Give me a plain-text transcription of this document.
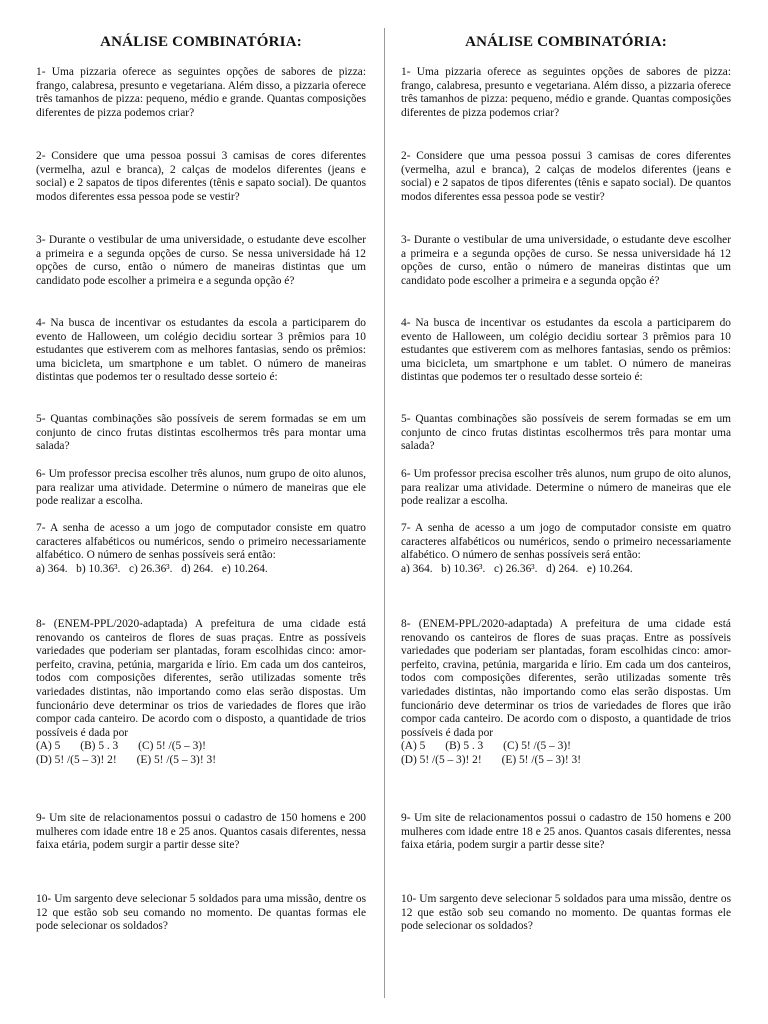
ANÁLISE COMBINATÓRIA:

1- Uma pizzaria oferece as seguintes opções de sabores de pizza: frango, calabresa, presunto e vegetariana. Além disso, a pizzaria oferece três tamanhos de pizza: pequeno, médio e grande. Quantas composições diferentes de pizza podemos criar?

2- Considere que uma pessoa possui 3 camisas de cores diferentes (vermelha, azul e branca), 2 calças de modelos diferentes (jeans e social) e 2 sapatos de tipos diferentes (tênis e sapato social). De quantos modos diferentes essa pessoa pode se vestir?

3- Durante o vestibular de uma universidade, o estudante deve escolher a primeira e a segunda opções de curso. Se nessa universidade há 12 opções de curso, então o número de maneiras distintas que um candidato pode escolher a primeira e a segunda opção é?

4- Na busca de incentivar os estudantes da escola a participarem do evento de Halloween, um colégio decidiu sortear 3 prêmios para 10 estudantes que estiverem com as melhores fantasias, sendo os prêmios: uma bicicleta, um smartphone e um tablet. O número de maneiras distintas que podemos ter o resultado desse sorteio é:

5- Quantas combinações são possíveis de serem formadas se em um conjunto de cinco frutas distintas escolhermos três para montar uma salada?

6- Um professor precisa escolher três alunos, num grupo de oito alunos, para realizar uma atividade. Determine o número de maneiras que ele pode realizar a escolha.

7- A senha de acesso a um jogo de computador consiste em quatro caracteres alfabéticos ou numéricos, sendo o primeiro necessariamente alfabético. O número de senhas possíveis será então:

a) 364.   b) 10.36³.   c) 26.36³.   d) 264.   e) 10.264.

8- (ENEM-PPL/2020-adaptada) A prefeitura de uma cidade está renovando os canteiros de flores de suas praças. Entre as possíveis variedades que poderiam ser plantadas, foram escolhidas cinco: amor-perfeito, cravina, petúnia, margarida e lírio. Em cada um dos canteiros, todos com composições diferentes, serão utilizadas somente três variedades distintas, não importando como elas serão dispostas. Um funcionário deve determinar os trios de variedades de flores que irão compor cada canteiro. De acordo com o disposto, a quantidade de trios possíveis é dada por

(A) 5       (B) 5 . 3       (C) 5! /(5 – 3)!

(D) 5! /(5 – 3)! 2!       (E) 5! /(5 – 3)! 3!

9- Um site de relacionamentos possui o cadastro de 150 homens e 200 mulheres com idade entre 18 e 25 anos. Quantos casais diferentes, nessa faixa etária, podem surgir a partir desse site?

10- Um sargento deve selecionar 5 soldados para uma missão, dentre os 12 que estão sob seu comando no momento. De quantas formas ele pode selecionar os soldados?

ANÁLISE COMBINATÓRIA:

1- Uma pizzaria oferece as seguintes opções de sabores de pizza: frango, calabresa, presunto e vegetariana. Além disso, a pizzaria oferece três tamanhos de pizza: pequeno, médio e grande. Quantas composições diferentes de pizza podemos criar?

2- Considere que uma pessoa possui 3 camisas de cores diferentes (vermelha, azul e branca), 2 calças de modelos diferentes (jeans e social) e 2 sapatos de tipos diferentes (tênis e sapato social). De quantos modos diferentes essa pessoa pode se vestir?

3- Durante o vestibular de uma universidade, o estudante deve escolher a primeira e a segunda opções de curso. Se nessa universidade há 12 opções de curso, então o número de maneiras distintas que um candidato pode escolher a primeira e a segunda opção é?

4- Na busca de incentivar os estudantes da escola a participarem do evento de Halloween, um colégio decidiu sortear 3 prêmios para 10 estudantes que estiverem com as melhores fantasias, sendo os prêmios: uma bicicleta, um smartphone e um tablet. O número de maneiras distintas que podemos ter o resultado desse sorteio é:

5- Quantas combinações são possíveis de serem formadas se em um conjunto de cinco frutas distintas escolhermos três para montar uma salada?

6- Um professor precisa escolher três alunos, num grupo de oito alunos, para realizar uma atividade. Determine o número de maneiras que ele pode realizar a escolha.

7- A senha de acesso a um jogo de computador consiste em quatro caracteres alfabéticos ou numéricos, sendo o primeiro necessariamente alfabético. O número de senhas possíveis será então:

a) 364.   b) 10.36³.   c) 26.36³.   d) 264.   e) 10.264.

8- (ENEM-PPL/2020-adaptada) A prefeitura de uma cidade está renovando os canteiros de flores de suas praças. Entre as possíveis variedades que poderiam ser plantadas, foram escolhidas cinco: amor-perfeito, cravina, petúnia, margarida e lírio. Em cada um dos canteiros, todos com composições diferentes, serão utilizadas somente três variedades distintas, não importando como elas serão dispostas. Um funcionário deve determinar os trios de variedades de flores que irão compor cada canteiro. De acordo com o disposto, a quantidade de trios possíveis é dada por

(A) 5       (B) 5 . 3       (C) 5! /(5 – 3)!

(D) 5! /(5 – 3)! 2!       (E) 5! /(5 – 3)! 3!

9- Um site de relacionamentos possui o cadastro de 150 homens e 200 mulheres com idade entre 18 e 25 anos. Quantos casais diferentes, nessa faixa etária, podem surgir a partir desse site?

10- Um sargento deve selecionar 5 soldados para uma missão, dentre os 12 que estão sob seu comando no momento. De quantas formas ele pode selecionar os soldados?
